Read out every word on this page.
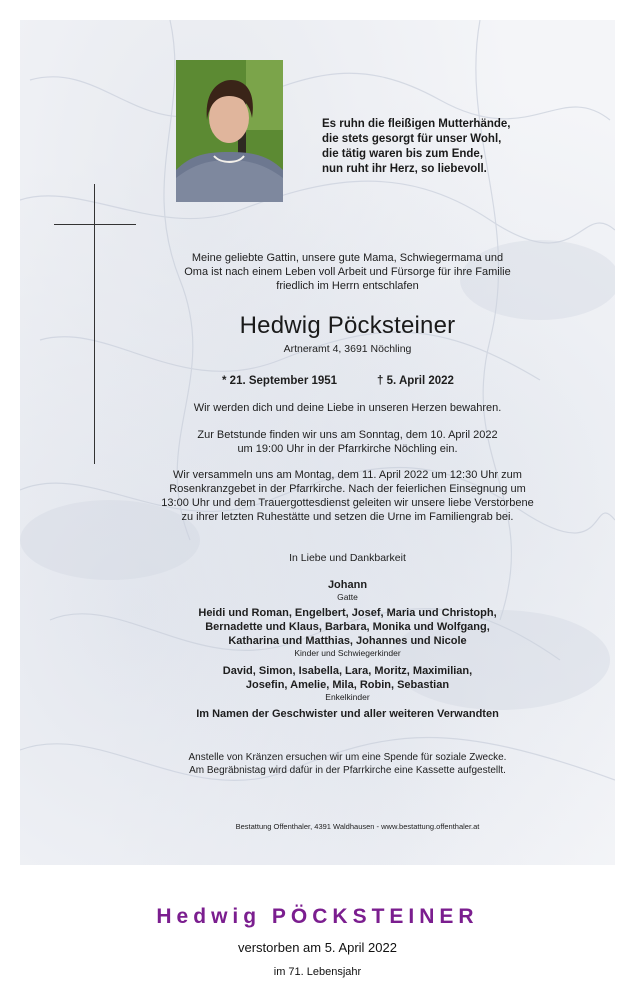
Es ruhn die fleißigen Mutterhände,
die stets gesorgt für unser Wohl,
die tätig waren bis zum Ende,
nun ruht ihr Herz, so liebevoll.
Meine geliebte Gattin, unsere gute Mama, Schwiegermama und
Oma ist nach einem Leben voll Arbeit und Fürsorge für ihre Familie
friedlich im Herrn entschlafen
Hedwig Pöcksteiner
Artneramt 4, 3691 Nöchling
* 21. September 1951	† 5. April 2022
Wir werden dich und deine Liebe in unseren Herzen bewahren.
Zur Betstunde finden wir uns am Sonntag, dem 10. April 2022
um 19:00 Uhr in der Pfarrkirche Nöchling ein.
Wir versammeln uns am Montag, dem 11. April 2022 um 12:30 Uhr zum
Rosenkranzgebet in der Pfarrkirche. Nach der feierlichen Einsegnung um
13:00 Uhr und dem Trauergottesdienst geleiten wir unsere liebe Verstorbene
zu ihrer letzten Ruhestätte und setzen die Urne im Familiengrab bei.
In Liebe und Dankbarkeit
Johann
Gatte
Heidi und Roman, Engelbert, Josef, Maria und Christoph,
Bernadette und Klaus, Barbara, Monika und Wolfgang,
Katharina und Matthias, Johannes und Nicole
Kinder und Schwiegerkinder
David, Simon, Isabella, Lara, Moritz, Maximilian,
Josefin, Amelie, Mila, Robin, Sebastian
Enkelkinder
Im Namen der Geschwister und aller weiteren Verwandten
Anstelle von Kränzen ersuchen wir um eine Spende für soziale Zwecke.
Am Begräbnistag wird dafür in der Pfarrkirche eine Kassette aufgestellt.
Bestattung Offenthaler, 4391 Waldhausen - www.bestattung.offenthaler.at
Hedwig PÖCKSTEINER
verstorben am 5. April 2022
im 71. Lebensjahr
